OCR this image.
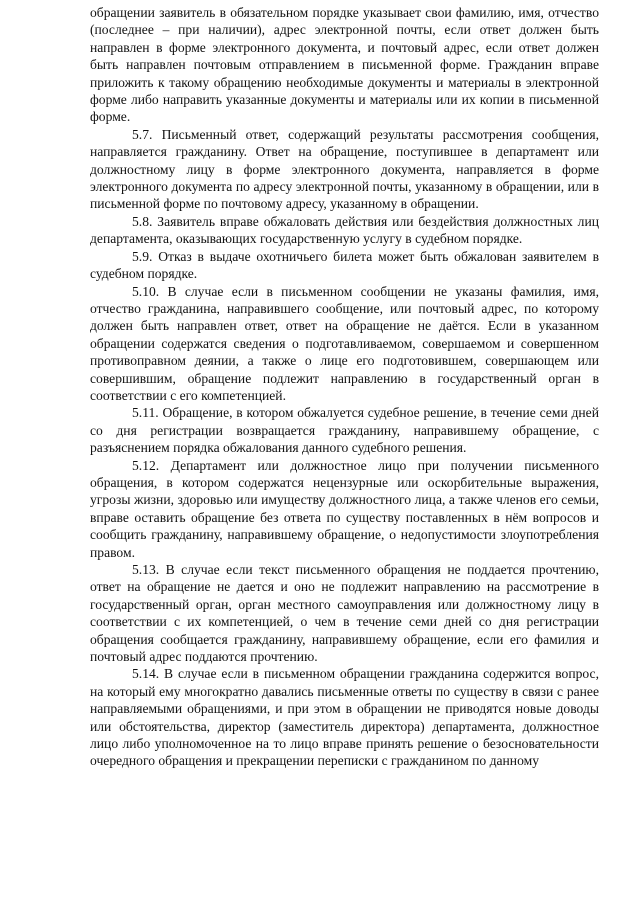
обращении заявитель в обязательном порядке указывает свои фамилию, имя, отчество (последнее – при наличии), адрес электронной почты, если ответ должен быть направлен в форме электронного документа, и почтовый адрес, если ответ должен быть направлен почтовым отправлением в письменной форме. Гражданин вправе приложить к такому обращению необходимые документы и материалы в электронной форме либо направить указанные документы и материалы или их копии в письменной форме.

5.7. Письменный ответ, содержащий результаты рассмотрения сообщения, направляется гражданину. Ответ на обращение, поступившее в департамент или должностному лицу в форме электронного документа, направляется в форме электронного документа по адресу электронной почты, указанному в обращении, или в письменной форме по почтовому адресу, указанному в обращении.

5.8. Заявитель вправе обжаловать действия или бездействия должностных лиц департамента, оказывающих государственную услугу в судебном порядке.

5.9. Отказ в выдаче охотничьего билета может быть обжалован заявителем в судебном порядке.

5.10. В случае если в письменном сообщении не указаны фамилия, имя, отчество гражданина, направившего сообщение, или почтовый адрес, по которому должен быть направлен ответ, ответ на обращение не даётся. Если в указанном обращении содержатся сведения о подготавливаемом, совершаемом и совершенном противоправном деянии, а также о лице его подготовившем, совершающем или совершившим, обращение подлежит направлению в государственный орган в соответствии с его компетенцией.

5.11. Обращение, в котором обжалуется судебное решение, в течение семи дней со дня регистрации возвращается гражданину, направившему обращение, с разъяснением порядка обжалования данного судебного решения.

5.12. Департамент или должностное лицо при получении письменного обращения, в котором содержатся нецензурные или оскорбительные выражения, угрозы жизни, здоровью или имуществу должностного лица, а также членов его семьи, вправе оставить обращение без ответа по существу поставленных в нём вопросов и сообщить гражданину, направившему обращение, о недопустимости злоупотребления правом.

5.13. В случае если текст письменного обращения не поддается прочтению, ответ на обращение не дается и оно не подлежит направлению на рассмотрение в государственный орган, орган местного самоуправления или должностному лицу в соответствии с их компетенцией, о чем в течение семи дней со дня регистрации обращения сообщается гражданину, направившему обращение, если его фамилия и почтовый адрес поддаются прочтению.

5.14. В случае если в письменном обращении гражданина содержится вопрос, на который ему многократно давались письменные ответы по существу в связи с ранее направляемыми обращениями, и при этом в обращении не приводятся новые доводы или обстоятельства, директор (заместитель директора) департамента, должностное лицо либо уполномоченное на то лицо вправе принять решение о безосновательности очередного обращения и прекращении переписки с гражданином по данному
